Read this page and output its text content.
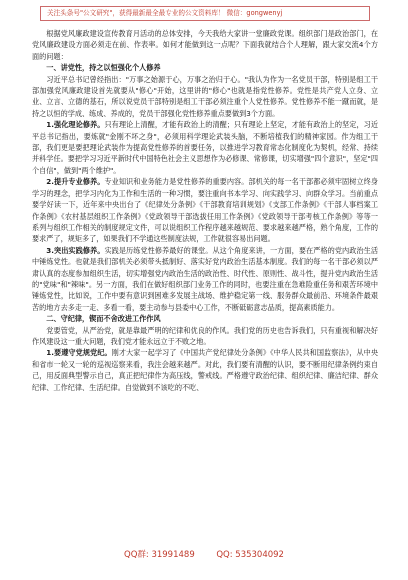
关注头条号"公文研究"，获得最新最全最专业的公文资料库！ 微信：gongwenyj

根据党风廉政建设宣传教育月活动的总体安排，今天我给大家讲一堂廉政党课。组织部门是政治部门，在党风廉政建设方面必须走在前、作表率。如何才能做到这一点呢？下面我就结合个人理解，跟大家交流4个方面的问题：

一、讲党性，持之以恒强化个人修养

习近平总书记曾经指出："万事之始源于心，万事之治归于心。"我认为作为一名党员干部，特别是组工干部加强党风廉政建设首先就要从"修心"开始，这里讲的"修心"也就是指党性修养。党性是共产党人立身、立业、立言、立德的基石，所以说党员干部特别是组工干部必须注重个人党性修养。党性修养不能一蹴而就，是持之以恒的学成、练成、养成的，党员干部强化党性修养重点要做到3个方面。

1.强化理论修养。只有理论上清醒，才能有政治上的清醒；只有理论上坚定，才能有政治上的坚定，习近平总书记指出，要炼就"金刚不坏之身"，必须用科学理论武装头脑，不断培植我们的精神家园。作为组工干部，我们更是要把理论武装作为提高党性修养的首要任务，以推进学习教育常态化制度化为契机，经常、持续并科学任。要把学习习近平新时代中国特色社会主义思想作为必修课、常修课，切实增强"四个意识"，坚定"四个自信"，做到"两个维护"。

2.提升专业修养。专业知识和业务能力是党性修养的重要内容。部机关的每一名干部都必须牢固树立终身学习的理念，把学习内化为工作和生活的一种习惯，要注重向书本学习、向实践学习、向群众学习。当前重点要学好读一下，近年来中央出台了《纪律处分条例》《干部教育培训规划》《支部工作条例》《干部人事档案工作条例》《农村基层组织工作条例》《党政领导干部选拔任用工作条例》《党政领导干部考核工作条例》等等一系列与组织工作相关的制度规定文件，可以说组织工作程序越来越规范、要求越来越严格，熟个角度，工作的要求严了，规矩多了，如果我们不学通这些制度法规，工作就很容易出问题。

3.突出实践修养。实践是历练党性修养最好的课堂。从这个角度来讲，一方面，要在严格的党内政治生活中锤炼党性。也就是我们部机关必须带头抵制好、落实好党内政治生活基本制度。我们的每一名干部必须以严肃认真的态度参加组织生活，切实增强党内政治生活的政治性、时代性、原则性、战斗性，提升党内政治生活的"党味"和"辣味"。另一方面，我们在做好组织部门业务工作的同时，也要注重在急难险重任务和艰苦环境中锤炼党性，比如说，工作中要有意识到困难多发展主战场、维护稳定第一线、服务群众最前沿、环境条件最艰苦的地方去多走一走、多看一看，要主动参与县委中心工作，不断砥砺意志品质，提高素质能力。

二、守纪律，锲而不舍改进工作作风

党要管党，从严治党，就是靠最严明的纪律和优良的作风。我们党的历史也告诉我们，只有重视和解决好作风建设这一重大问题，我们党才能永远立于不败之地。

1.要遵守党规党纪。刚才大家一起学习了《中国共产党纪律处分条例》《中华人民共和国监察法》，从中央和省市一轮又一轮的巡视巡察来看，我注会越来越严。对此，我们要有清醒的认识，要不断用纪律条例约束自己，用反面典型警示自己，真正把纪律作为高压线，警戒线。严格遵守政治纪律、组织纪律、廉洁纪律、群众纪律、工作纪律、生活纪律。自觉做到不该吃的不吃、

QQ群: 31991489        QQ: 535304092
